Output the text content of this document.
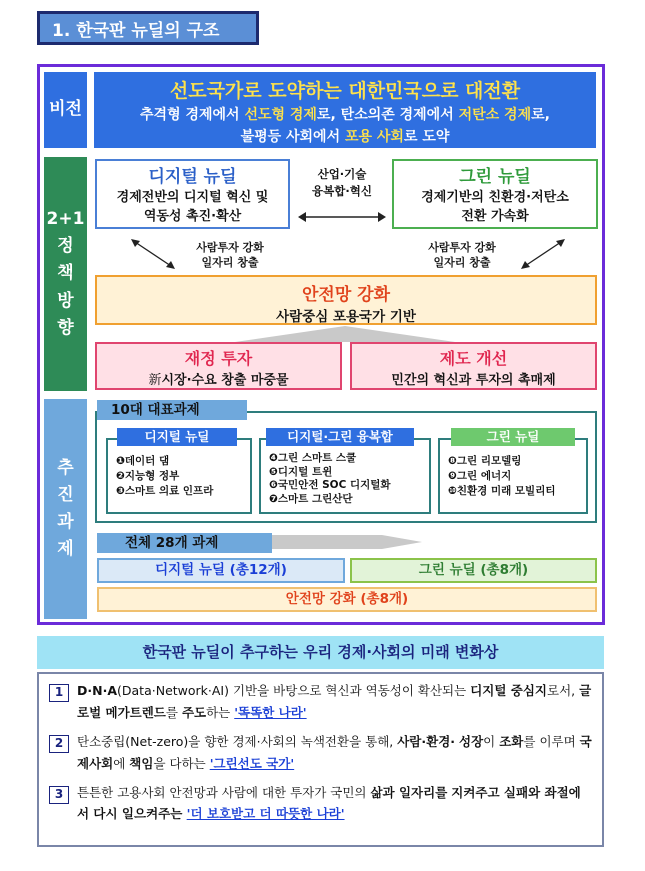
1. 한국판 뉴딜의 구조
비전
2+1
정
책
방
향
추
진
과
제
선도국가로 도약하는 대한민국으로 대전환
추격형 경제에서 선도형 경제로, 탄소의존 경제에서 저탄소 경제로,
불평등 사회에서 포용 사회로 도약
디지털 뉴딜
경제전반의 디지털 혁신 및
역동성 촉진·확산
그린 뉴딜
경제기반의 친환경·저탄소
전환 가속화
산업·기술
융복합·혁신
사람투자 강화
일자리 창출
사람투자 강화
일자리 창출
안전망 강화
사람중심 포용국가 기반
재정 투자
新시장·수요 창출 마중물
제도 개선
민간의 혁신과 투자의 촉매제
10대 대표과제
❶데이터 댐
❷지능형 정부
❸스마트 의료 인프라
디지털 뉴딜
❹그린 스마트 스쿨
❺디지털 트윈
❻국민안전 SOC 디지털화
❼스마트 그린산단
디지털·그린 융복합
❽그린 리모델링
❾그린 에너지
❿친환경 미래 모빌리티
그린 뉴딜
전체 28개 과제
디지털 뉴딜 (총12개)	그린 뉴딜 (총8개)
안전망 강화 (총8개)
한국판 뉴딜이 추구하는 우리 경제·사회의 미래 변화상
1	D·N·A(Data·Network·AI) 기반을 바탕으로 혁신과 역동성이 확산되는 디지털 중심지로서, 글로벌 메가트렌드를 주도하는 '똑똑한 나라'
2	탄소중립(Net-zero)을 향한 경제·사회의 녹색전환을 통해, 사람·환경· 성장이 조화를 이루며 국제사회에 책임을 다하는 '그린선도 국가'
3	튼튼한 고용사회 안전망과 사람에 대한 투자가 국민의 삶과 일자리를 지켜주고 실패와 좌절에서 다시 일으켜주는 '더 보호받고 더 따뜻한 나라'
